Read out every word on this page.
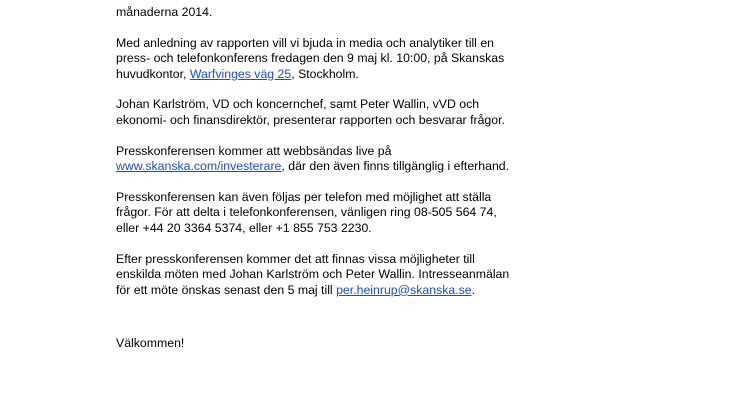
månaderna 2014.

Med anledning av rapporten vill vi bjuda in media och analytiker till en
press- och telefonkonferens fredagen den 9 maj kl. 10:00, på Skanskas
huvudkontor, Warfvinges väg 25, Stockholm.

Johan Karlström, VD och koncernchef, samt Peter Wallin, vVD och
ekonomi- och finansdirektör, presenterar rapporten och besvarar frågor.

Presskonferensen kommer att webbsändas live på
www.skanska.com/investerare, där den även finns tillgänglig i efterhand.

Presskonferensen kan även följas per telefon med möjlighet att ställa
frågor. För att delta i telefonkonferensen, vänligen ring 08-505 564 74,
eller +44 20 3364 5374, eller +1 855 753 2230.

Efter presskonferensen kommer det att finnas vissa möjligheter till
enskilda möten med Johan Karlström och Peter Wallin. Intresseanmälan
för ett möte önskas senast den 5 maj till per.heinrup@skanska.se.

Välkommen!
